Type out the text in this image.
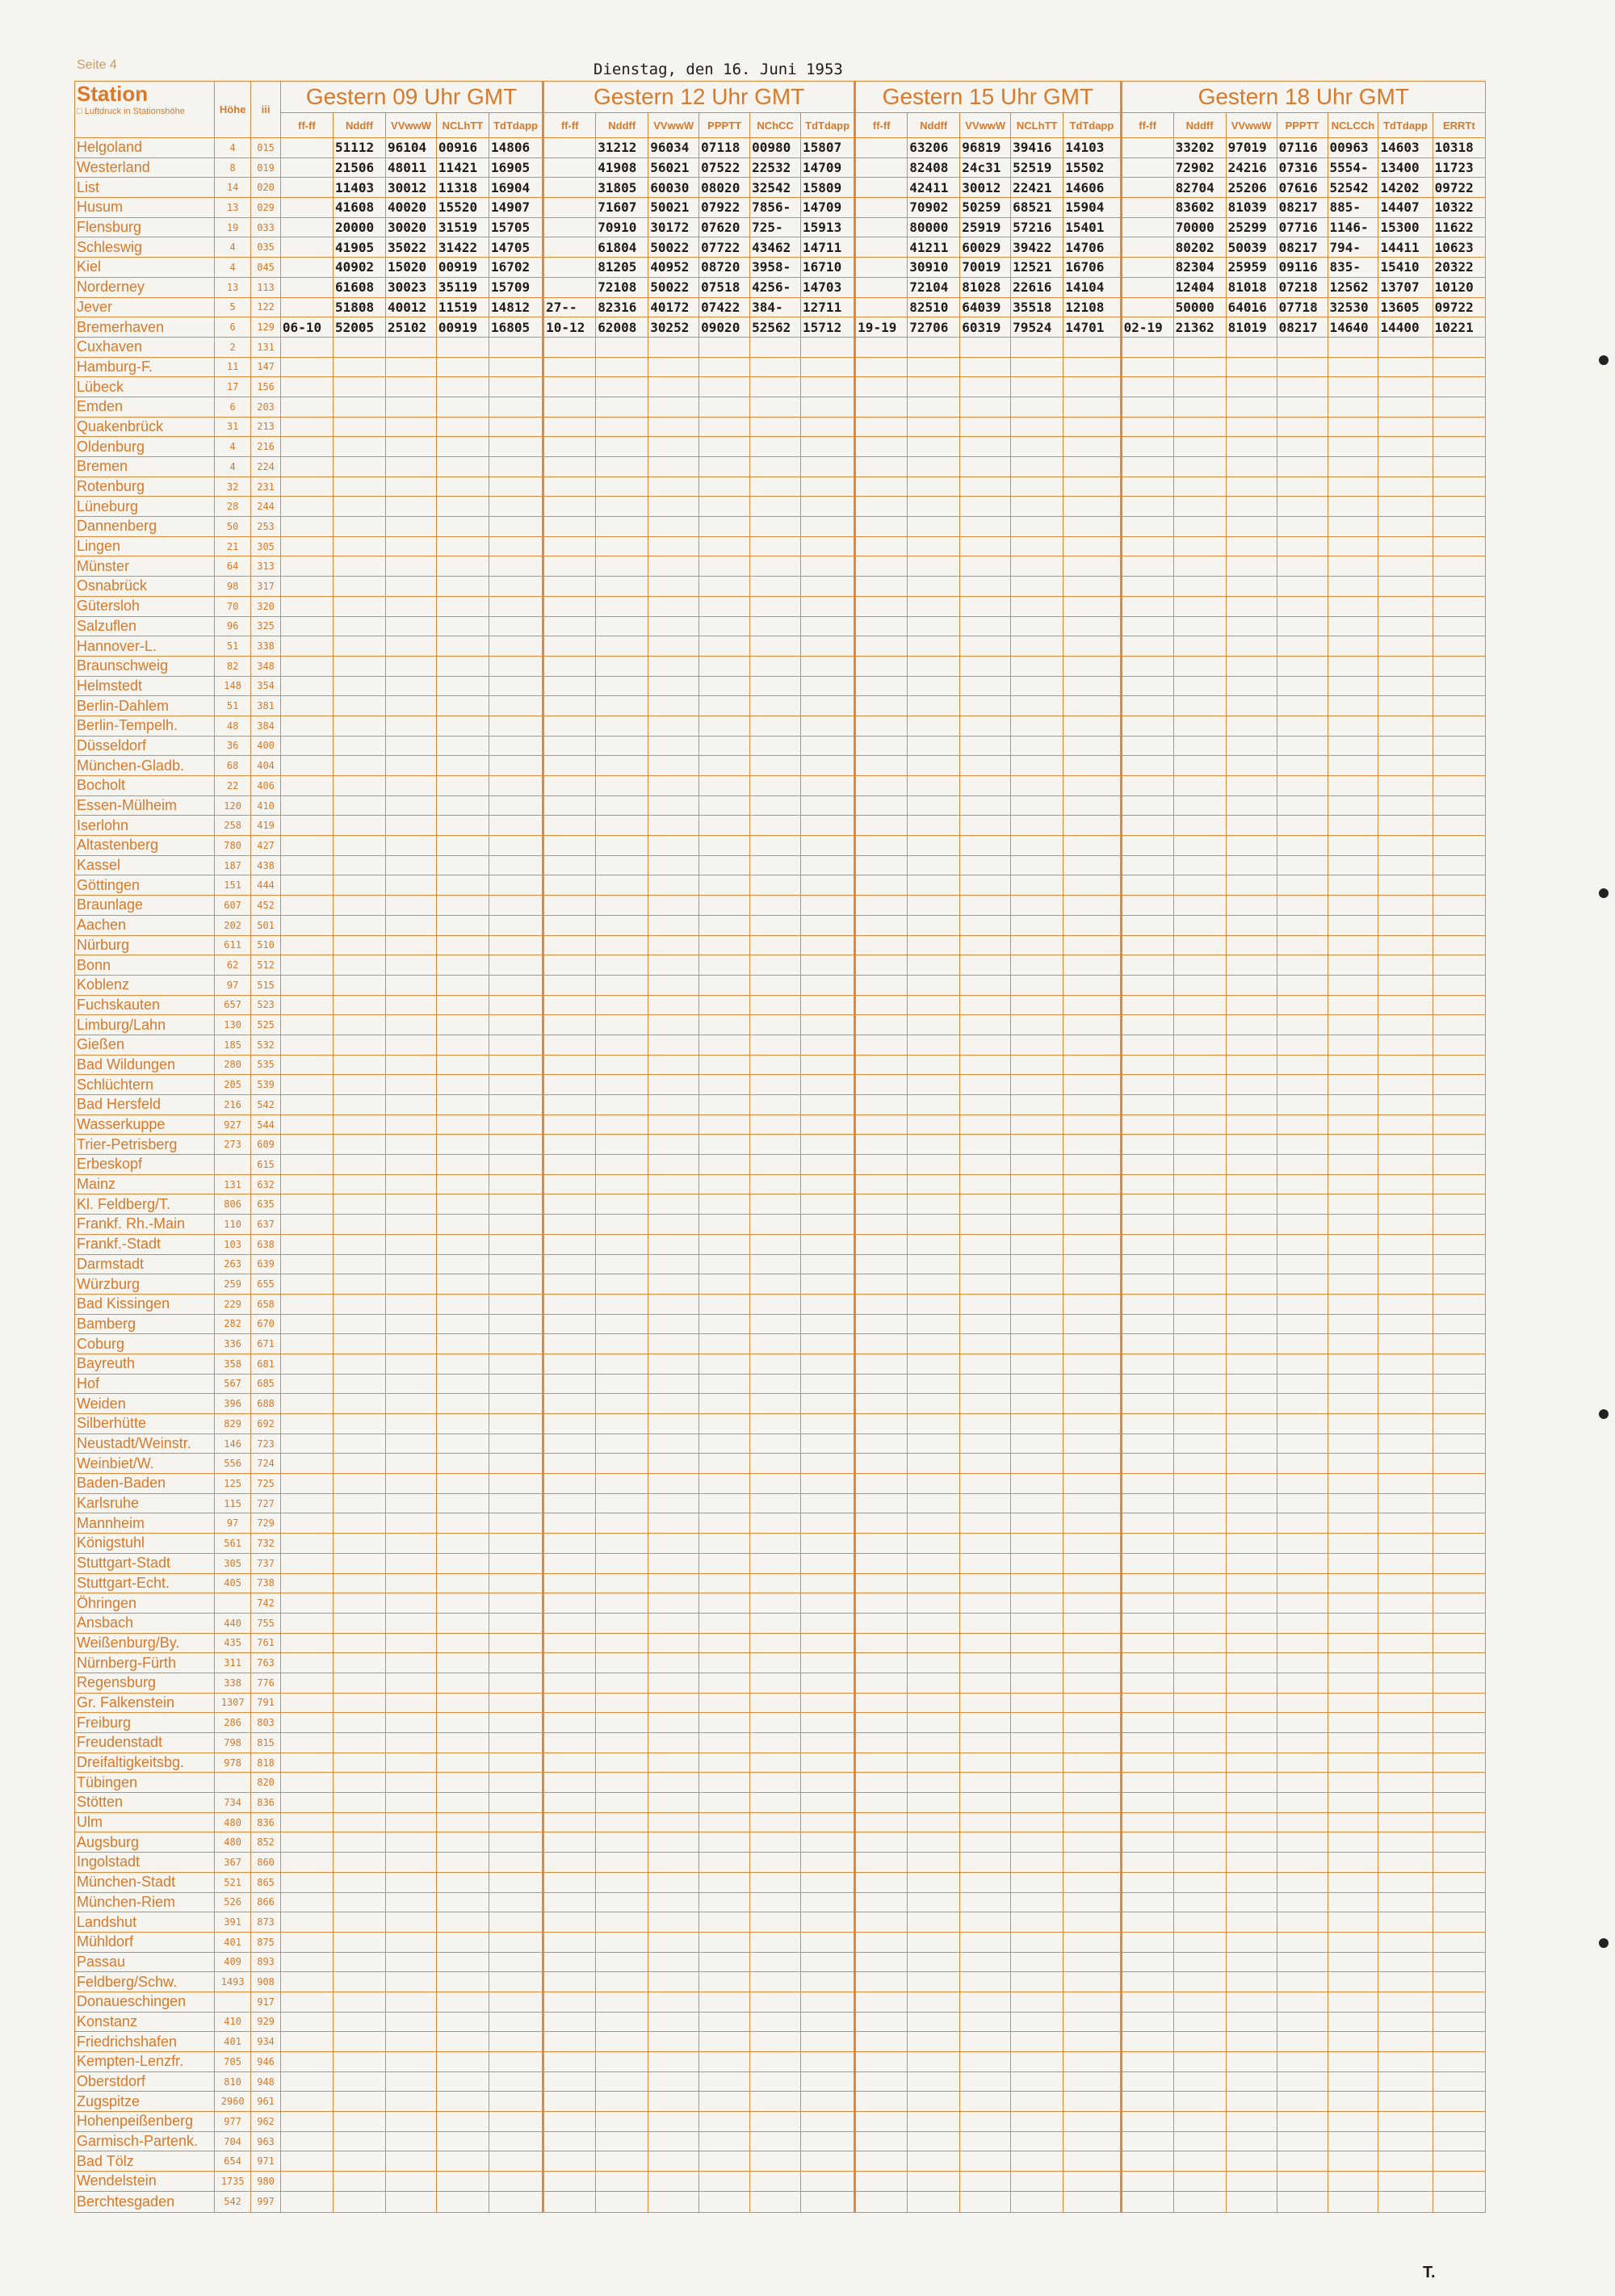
Seite 4	Dienstag, den 16. Juni 1953
T.
Station
□ Luftdruck in Stationshöhe	Höhe	iii	Gestern 09 Uhr GMT					Gestern 12 Uhr GMT						Gestern 15 Uhr GMT					Gestern 18 Uhr GMT						
			ff-ff	Nddff	VVwwW	NCLhTT	TdTdapp	ff-ff	Nddff	VVwwW	PPPTT	NChCC	TdTdapp	ff-ff	Nddff	VVwwW	NCLhTT	TdTdapp	ff-ff	Nddff	VVwwW	PPPTT	NCLCCh	TdTdapp	ERRTt
Helgoland	4	015		51112	96104	00916	14806		31212	96034	07118	00980	15807		63206	96819	39416	14103		33202	97019	07116	00963	14603	10318
Westerland	8	019		21506	48011	11421	16905		41908	56021	07522	22532	14709		82408	24c31	52519	15502		72902	24216	07316	5554-	13400	11723
List	14	020		11403	30012	11318	16904		31805	60030	08020	32542	15809		42411	30012	22421	14606		82704	25206	07616	52542	14202	09722
Husum	13	029		41608	40020	15520	14907		71607	50021	07922	7856-	14709		70902	50259	68521	15904		83602	81039	08217	885-	14407	10322
Flensburg	19	033		20000	30020	31519	15705		70910	30172	07620	725-	15913		80000	25919	57216	15401		70000	25299	07716	1146-	15300	11622
Schleswig	4	035		41905	35022	31422	14705		61804	50022	07722	43462	14711		41211	60029	39422	14706		80202	50039	08217	794-	14411	10623
Kiel	4	045		40902	15020	00919	16702		81205	40952	08720	3958-	16710		30910	70019	12521	16706		82304	25959	09116	835-	15410	20322
Norderney	13	113		61608	30023	35119	15709		72108	50022	07518	4256-	14703		72104	81028	22616	14104		12404	81018	07218	12562	13707	10120
Jever	5	122		51808	40012	11519	14812	27--	82316	40172	07422	384-	12711		82510	64039	35518	12108		50000	64016	07718	32530	13605	09722
Bremerhaven	6	129	06-10	52005	25102	00919	16805	10-12	62008	30252	09020	52562	15712	19-19	72706	60319	79524	14701	02-19	21362	81019	08217	14640	14400	10221
Cuxhaven	2	131																							
Hamburg-F.	11	147																							
Lübeck	17	156																							
Emden	6	203																							
Quakenbrück	31	213																							
Oldenburg	4	216																							
Bremen	4	224																							
Rotenburg	32	231																							
Lüneburg	28	244																							
Dannenberg	50	253																							
Lingen	21	305																							
Münster	64	313																							
Osnabrück	98	317																							
Gütersloh	70	320																							
Salzuflen	96	325																							
Hannover-L.	51	338																							
Braunschweig	82	348																							
Helmstedt	148	354																							
Berlin-Dahlem	51	381																							
Berlin-Tempelh.	48	384																							
Düsseldorf	36	400																							
München-Gladb.	68	404																							
Bocholt	22	406																							
Essen-Mülheim	120	410																							
Iserlohn	258	419																							
Altastenberg	780	427																							
Kassel	187	438																							
Göttingen	151	444																							
Braunlage	607	452																							
Aachen	202	501																							
Nürburg	611	510																							
Bonn	62	512																							
Koblenz	97	515																							
Fuchskauten	657	523																							
Limburg/Lahn	130	525																							
Gießen	185	532																							
Bad Wildungen	280	535																							
Schlüchtern	205	539																							
Bad Hersfeld	216	542																							
Wasserkuppe	927	544																							
Trier-Petrisberg	273	609																							
Erbeskopf		615																							
Mainz	131	632																							
Kl. Feldberg/T.	806	635																							
Frankf. Rh.-Main	110	637																							
Frankf.-Stadt	103	638																							
Darmstadt	263	639																							
Würzburg	259	655																							
Bad Kissingen	229	658																							
Bamberg	282	670																							
Coburg	336	671																							
Bayreuth	358	681																							
Hof	567	685																							
Weiden	396	688																							
Silberhütte	829	692																							
Neustadt/Weinstr.	146	723																							
Weinbiet/W.	556	724																							
Baden-Baden	125	725																							
Karlsruhe	115	727																							
Mannheim	97	729																							
Königstuhl	561	732																							
Stuttgart-Stadt	305	737																							
Stuttgart-Echt.	405	738																							
Öhringen		742																							
Ansbach	440	755																							
Weißenburg/By.	435	761																							
Nürnberg-Fürth	311	763																							
Regensburg	338	776																							
Gr. Falkenstein	1307	791																							
Freiburg	286	803																							
Freudenstadt	798	815																							
Dreifaltigkeitsbg.	978	818																							
Tübingen		820																							
Stötten	734	836																							
Ulm	480	836																							
Augsburg	480	852																							
Ingolstadt	367	860																							
München-Stadt	521	865																							
München-Riem	526	866																							
Landshut	391	873																							
Mühldorf	401	875																							
Passau	409	893																							
Feldberg/Schw.	1493	908																							
Donaueschingen		917																							
Konstanz	410	929																							
Friedrichshafen	401	934																							
Kempten-Lenzfr.	705	946																							
Oberstdorf	810	948																							
Zugspitze	2960	961																							
Hohenpeißenberg	977	962																							
Garmisch-Partenk.	704	963																							
Bad Tölz	654	971																							
Wendelstein	1735	980																							
Berchtesgaden	542	997																							
